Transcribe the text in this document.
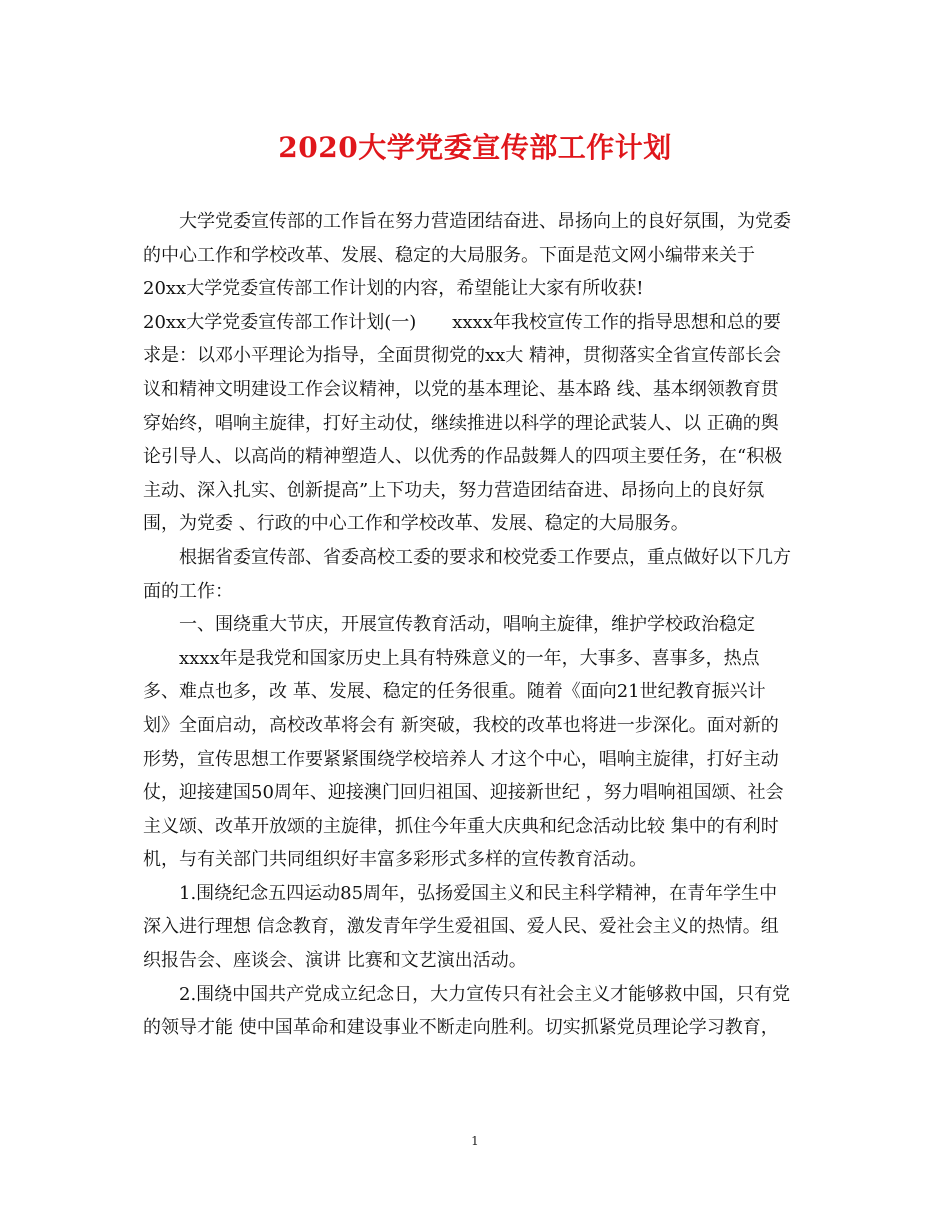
2020大学党委宣传部工作计划
大学党委宣传部的工作旨在努力营造团结奋进、昂扬向上的良好氛围，为党委
的中心工作和学校改革、发展、稳定的大局服务。下面是范文网小编带来关于
20xx大学党委宣传部工作计划的内容，希望能让大家有所收获!
20xx大学党委宣传部工作计划(一)　　xxxx年我校宣传工作的指导思想和总的要
求是：以邓小平理论为指导，全面贯彻党的xx大 精神，贯彻落实全省宣传部长会
议和精神文明建设工作会议精神，以党的基本理论、基本路 线、基本纲领教育贯
穿始终，唱响主旋律，打好主动仗，继续推进以科学的理论武装人、以 正确的舆
论引导人、以高尚的精神塑造人、以优秀的作品鼓舞人的四项主要任务，在“积极
主动、深入扎实、创新提高”上下功夫，努力营造团结奋进、昂扬向上的良好氛
围，为党委 、行政的中心工作和学校改革、发展、稳定的大局服务。
根据省委宣传部、省委高校工委的要求和校党委工作要点，重点做好以下几方
面的工作：
一、围绕重大节庆，开展宣传教育活动，唱响主旋律，维护学校政治稳定
xxxx年是我党和国家历史上具有特殊意义的一年，大事多、喜事多，热点
多、难点也多，改 革、发展、稳定的任务很重。随着《面向21世纪教育振兴计
划》全面启动，高校改革将会有 新突破，我校的改革也将进一步深化。面对新的
形势，宣传思想工作要紧紧围绕学校培养人 才这个中心，唱响主旋律，打好主动
仗，迎接建国50周年、迎接澳门回归祖国、迎接新世纪 ，努力唱响祖国颂、社会
主义颂、改革开放颂的主旋律，抓住今年重大庆典和纪念活动比较 集中的有利时
机，与有关部门共同组织好丰富多彩形式多样的宣传教育活动。
1.围绕纪念五四运动85周年，弘扬爱国主义和民主科学精神，在青年学生中
深入进行理想 信念教育，激发青年学生爱祖国、爱人民、爱社会主义的热情。组
织报告会、座谈会、演讲 比赛和文艺演出活动。
2.围绕中国共产党成立纪念日，大力宣传只有社会主义才能够救中国，只有党
的领导才能 使中国革命和建设事业不断走向胜利。切实抓紧党员理论学习教育，
1
